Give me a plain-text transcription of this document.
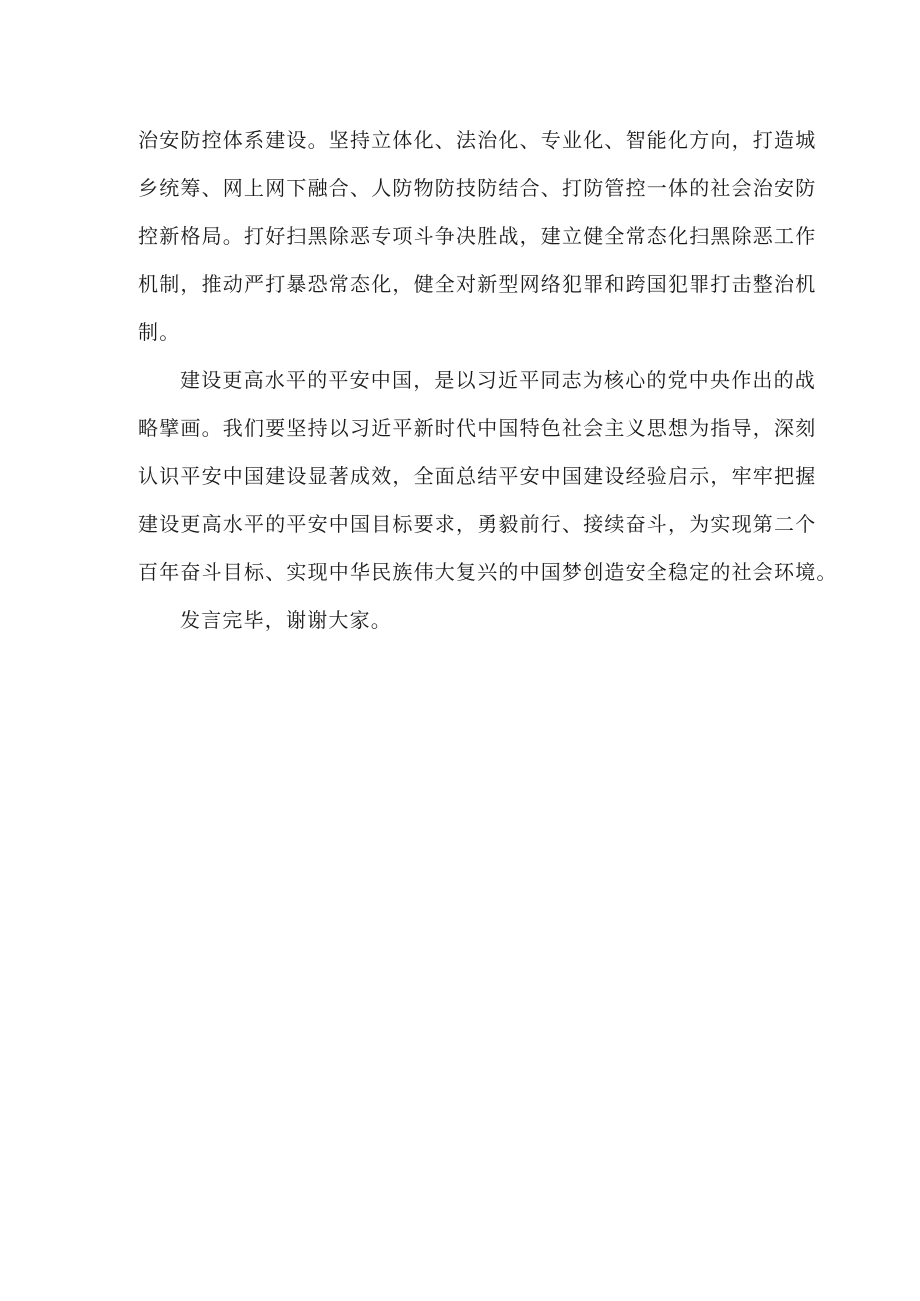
治安防控体系建设。坚持立体化、法治化、专业化、智能化方向，打造城
乡统筹、网上网下融合、人防物防技防结合、打防管控一体的社会治安防
控新格局。打好扫黑除恶专项斗争决胜战，建立健全常态化扫黑除恶工作
机制，推动严打暴恐常态化，健全对新型网络犯罪和跨国犯罪打击整治机
制。
建设更高水平的平安中国，是以习近平同志为核心的党中央作出的战
略擘画。我们要坚持以习近平新时代中国特色社会主义思想为指导，深刻
认识平安中国建设显著成效，全面总结平安中国建设经验启示，牢牢把握
建设更高水平的平安中国目标要求，勇毅前行、接续奋斗，为实现第二个
百年奋斗目标、实现中华民族伟大复兴的中国梦创造安全稳定的社会环境。
发言完毕，谢谢大家。
